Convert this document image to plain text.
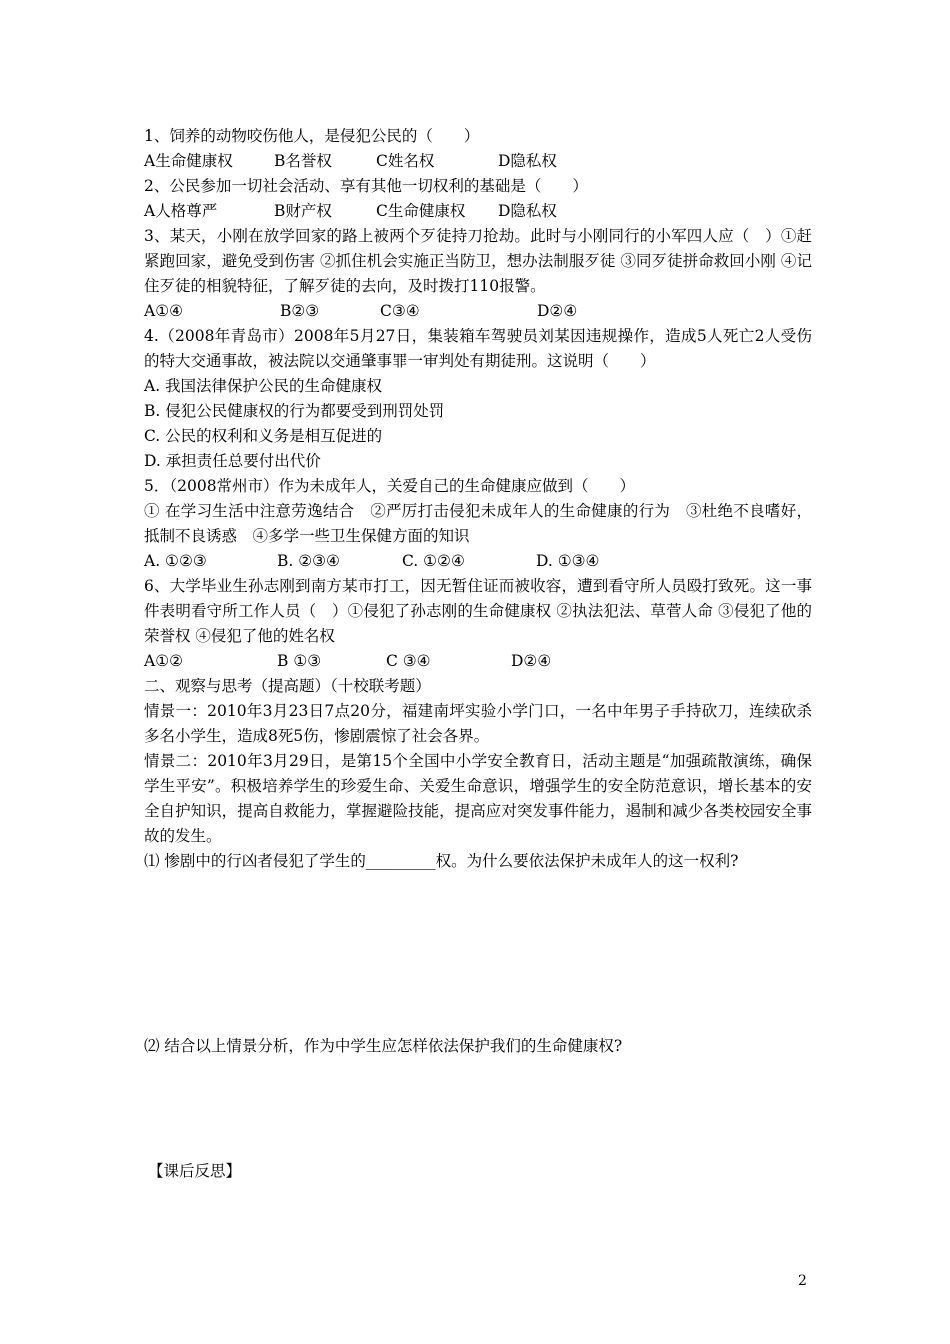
1、饲养的动物咬伤他人，是侵犯公民的（　　）
A生命健康权	B名誉权	C姓名权	D隐私权
2、公民参加一切社会活动、享有其他一切权利的基础是（　　）
A人格尊严	B财产权	C生命健康权	D隐私权
3、某天，小刚在放学回家的路上被两个歹徒持刀抢劫。此时与小刚同行的小军四人应（　）①赶紧跑回家，避免受到伤害 ②抓住机会实施正当防卫，想办法制服歹徒 ③同歹徒拼命救回小刚 ④记住歹徒的相貌特征，了解歹徒的去向，及时拨打110报警。
A①④	B②③	C③④	D②④
4.（2008年青岛市）2008年5月27日，集装箱车驾驶员刘某因违规操作，造成5人死亡2人受伤的特大交通事故，被法院以交通肇事罪一审判处有期徒刑。这说明（　　）
A. 我国法律保护公民的生命健康权
B. 侵犯公民健康权的行为都要受到刑罚处罚
C. 公民的权利和义务是相互促进的
D. 承担责任总要付出代价
5．（2008常州市）作为未成年人，关爱自己的生命健康应做到（　　）
① 在学习生活中注意劳逸结合　②严厉打击侵犯未成年人的生命健康的行为　③杜绝不良嗜好，抵制不良诱惑　④多学一些卫生保健方面的知识
A. ①②③	B. ②③④	C. ①②④	D. ①③④
6、大学毕业生孙志刚到南方某市打工，因无暂住证而被收容，遭到看守所人员殴打致死。这一事件表明看守所工作人员（　）①侵犯了孙志刚的生命健康权 ②执法犯法、草菅人命 ③侵犯了他的荣誉权 ④侵犯了他的姓名权
A①②	B ①③	C ③④	D②④
二、观察与思考（提高题）（十校联考题）
情景一：2010年3月23日7点20分，福建南坪实验小学门口，一名中年男子手持砍刀，连续砍杀多名小学生，造成8死5伤，惨剧震惊了社会各界。
情景二：2010年3月29日，是第15个全国中小学安全教育日，活动主题是“加强疏散演练，确保学生平安”。积极培养学生的珍爱生命、关爱生命意识，增强学生的安全防范意识，增长基本的安全自护知识，提高自救能力，掌握避险技能，提高应对突发事件能力，遏制和减少各类校园安全事故的发生。
⑴ 惨剧中的行凶者侵犯了学生的_________权。为什么要依法保护未成年人的这一权利?
⑵ 结合以上情景分析，作为中学生应怎样依法保护我们的生命健康权?
【课后反思】
2
